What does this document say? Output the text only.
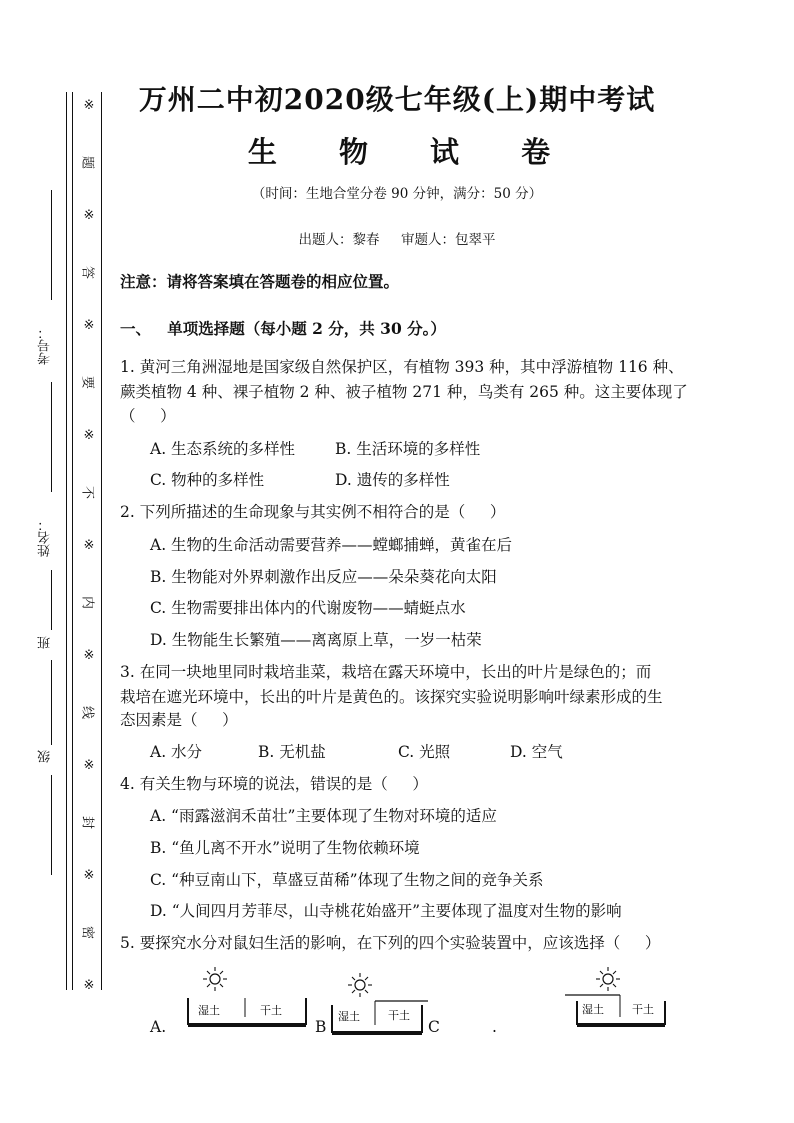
※
题
※
答
※
要
※
不
※
内
※
线
※
封
※
密
※
考号：
姓名：
班
级
万州二中初2020级七年级(上)期中考试
生 物 试 卷
（时间：生地合堂分卷 90 分钟，满分：50 分）
出题人：黎春     审题人：包翠平
注意：请将答案填在答题卷的相应位置。
一、   单项选择题（每小题 2 分，共 30 分。）
1. 黄河三角洲湿地是国家级自然保护区，有植物 393 种，其中浮游植物 116 种、
蕨类植物 4 种、裸子植物 2 种、被子植物 271 种，鸟类有 265 种。这主要体现了
（     ）
A. 生态系统的多样性	B. 生活环境的多样性
C. 物种的多样性	D. 遗传的多样性
2. 下列所描述的生命现象与其实例不相符合的是（     ）
A. 生物的生命活动需要营养——螳螂捕蝉，黄雀在后
B. 生物能对外界刺激作出反应——朵朵葵花向太阳
C. 生物需要排出体内的代谢废物——蜻蜓点水
D. 生物能生长繁殖——离离原上草，一岁一枯荣
3. 在同一块地里同时栽培韭菜，栽培在露天环境中，长出的叶片是绿色的；而
栽培在遮光环境中，长出的叶片是黄色的。该探究实验说明影响叶绿素形成的生
态因素是（     ）
A. 水分	B. 无机盐	C. 光照	D. 空气
4. 有关生物与环境的说法，错误的是（     ）
A. “雨露滋润禾苗壮”主要体现了生物对环境的适应
B. “鱼儿离不开水”说明了生物依赖环境
C. “种豆南山下，草盛豆苗稀”体现了生物之间的竞争关系
D. “人间四月芳菲尽，山寺桃花始盛开”主要体现了温度对生物的影响
5. 要探究水分对鼠妇生活的影响，在下列的四个实验装置中，应该选择（     ）
湿土	干土	湿土	干土	湿土	干土
A.	B	C	.
